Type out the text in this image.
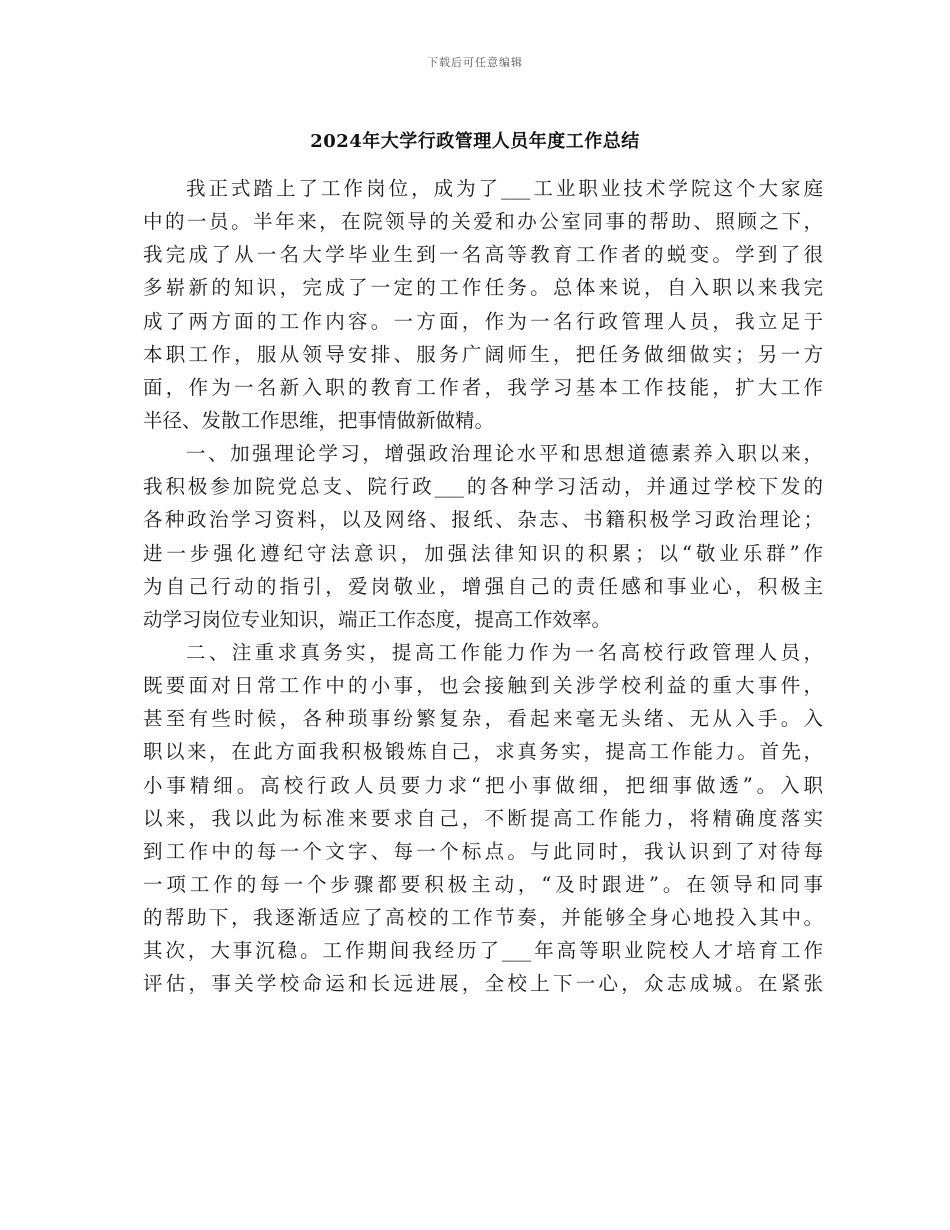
下载后可任意编辑
2024年大学行政管理人员年度工作总结
我正式踏上了工作岗位，成为了___工业职业技术学院这个大家庭
中的一员。半年来，在院领导的关爱和办公室同事的帮助、照顾之下，
我完成了从一名大学毕业生到一名高等教育工作者的蜕变。学到了很
多崭新的知识，完成了一定的工作任务。总体来说，自入职以来我完
成了两方面的工作内容。一方面，作为一名行政管理人员，我立足于
本职工作，服从领导安排、服务广阔师生，把任务做细做实；另一方
面，作为一名新入职的教育工作者，我学习基本工作技能，扩大工作
半径、发散工作思维，把事情做新做精。
一、加强理论学习，增强政治理论水平和思想道德素养入职以来，
我积极参加院党总支、院行政___的各种学习活动，并通过学校下发的
各种政治学习资料，以及网络、报纸、杂志、书籍积极学习政治理论；
进一步强化遵纪守法意识，加强法律知识的积累；以“敬业乐群”作
为自己行动的指引，爱岗敬业，增强自己的责任感和事业心，积极主
动学习岗位专业知识，端正工作态度，提高工作效率。
二、注重求真务实，提高工作能力作为一名高校行政管理人员，
既要面对日常工作中的小事，也会接触到关涉学校利益的重大事件，
甚至有些时候，各种琐事纷繁复杂，看起来毫无头绪、无从入手。入
职以来，在此方面我积极锻炼自己，求真务实，提高工作能力。首先，
小事精细。高校行政人员要力求“把小事做细，把细事做透”。入职
以来，我以此为标准来要求自己，不断提高工作能力，将精确度落实
到工作中的每一个文字、每一个标点。与此同时，我认识到了对待每
一项工作的每一个步骤都要积极主动，“及时跟进”。在领导和同事
的帮助下，我逐渐适应了高校的工作节奏，并能够全身心地投入其中。
其次，大事沉稳。工作期间我经历了___年高等职业院校人才培育工作
评估，事关学校命运和长远进展，全校上下一心，众志成城。在紧张
